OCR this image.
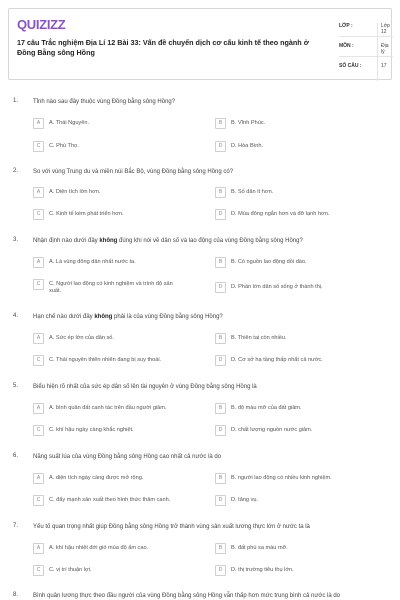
QUIZIZZ
17 câu Trắc nghiệm Địa Lí 12 Bài 33: Vấn đề chuyển dịch cơ cấu kinh tế theo ngành ở Đồng Bằng sông Hồng
LỚP :	Lớp 12
MÔN :	Địa lý
SỐ CÂU :	17
1. Tỉnh nào sau đây thuộc vùng Đồng bằng sông Hồng?
A	A. Thái Nguyên.	B	B. Vĩnh Phúc.
C	C. Phú Thọ.	D	D. Hòa Bình.
2. So với vùng Trung du và miền núi Bắc Bộ, vùng Đồng bằng sông Hồng có?
A	A. Diện tích lớn hơn.	B	B. Số dân ít hơn.
C	C. Kinh tế kém phát triển hơn.	D	D. Mùa đông ngắn hơn và đỡ lạnh hơn.
3. Nhận định nào dưới đây không đúng khi nói về dân số và lao động của vùng Đồng bằng sông Hồng?
A	A. Là vùng đông dân nhất nước ta.	B	B. Có nguồn lao động dồi dào.
C	C. Người lao động có kinh nghiệm và trình độ sản xuất.
D	D. Phần lớn dân số sống ở thành thị.
4. Hạn chế nào dưới đây không phải là của vùng Đồng bằng sông Hồng?
A	A. Sức ép lớn của dân số.	B	B. Thiên tai còn nhiều.
C	C. Thái nguyên thiên nhiên đang bị suy thoái.	D	D. Cơ sở hạ tầng thấp nhất cả nước.
5. Biểu hiện rõ nhất của sức ép dân số lên tài nguyên ở vùng Đồng bằng sông Hồng là
A	A. bình quân đất canh tác trên đầu người giảm.	B	B. độ màu mỡ của đất giảm.
C	C. khí hậu ngày càng khắc nghiệt.	D	D. chất lượng nguồn nước giảm.
6. Năng suất lúa của vùng Đồng bằng sông Hồng cao nhất cả nước là do
A	A. diện tích ngày càng được mở rộng.	B	B. người lao động có nhiều kinh nghiệm.
C	C. đẩy mạnh sản xuất theo hình thức thâm canh.	D	D. tăng vụ.
7. Yếu tố quan trọng nhất giúp Đồng bằng sông Hồng trở thành vùng sản xuất lương thực lớn ở nước ta là
A	A. khí hậu nhiệt đới gió mùa độ ẩm cao.	B	B. đất phù sa màu mỡ.
C	C. vị trí thuận lợi.	D	D. thị trường tiêu thụ lớn.
8. Bình quân lương thực theo đầu người của vùng Đồng bằng sông Hồng vẫn thấp hơn mức trung bình cả nước là do
